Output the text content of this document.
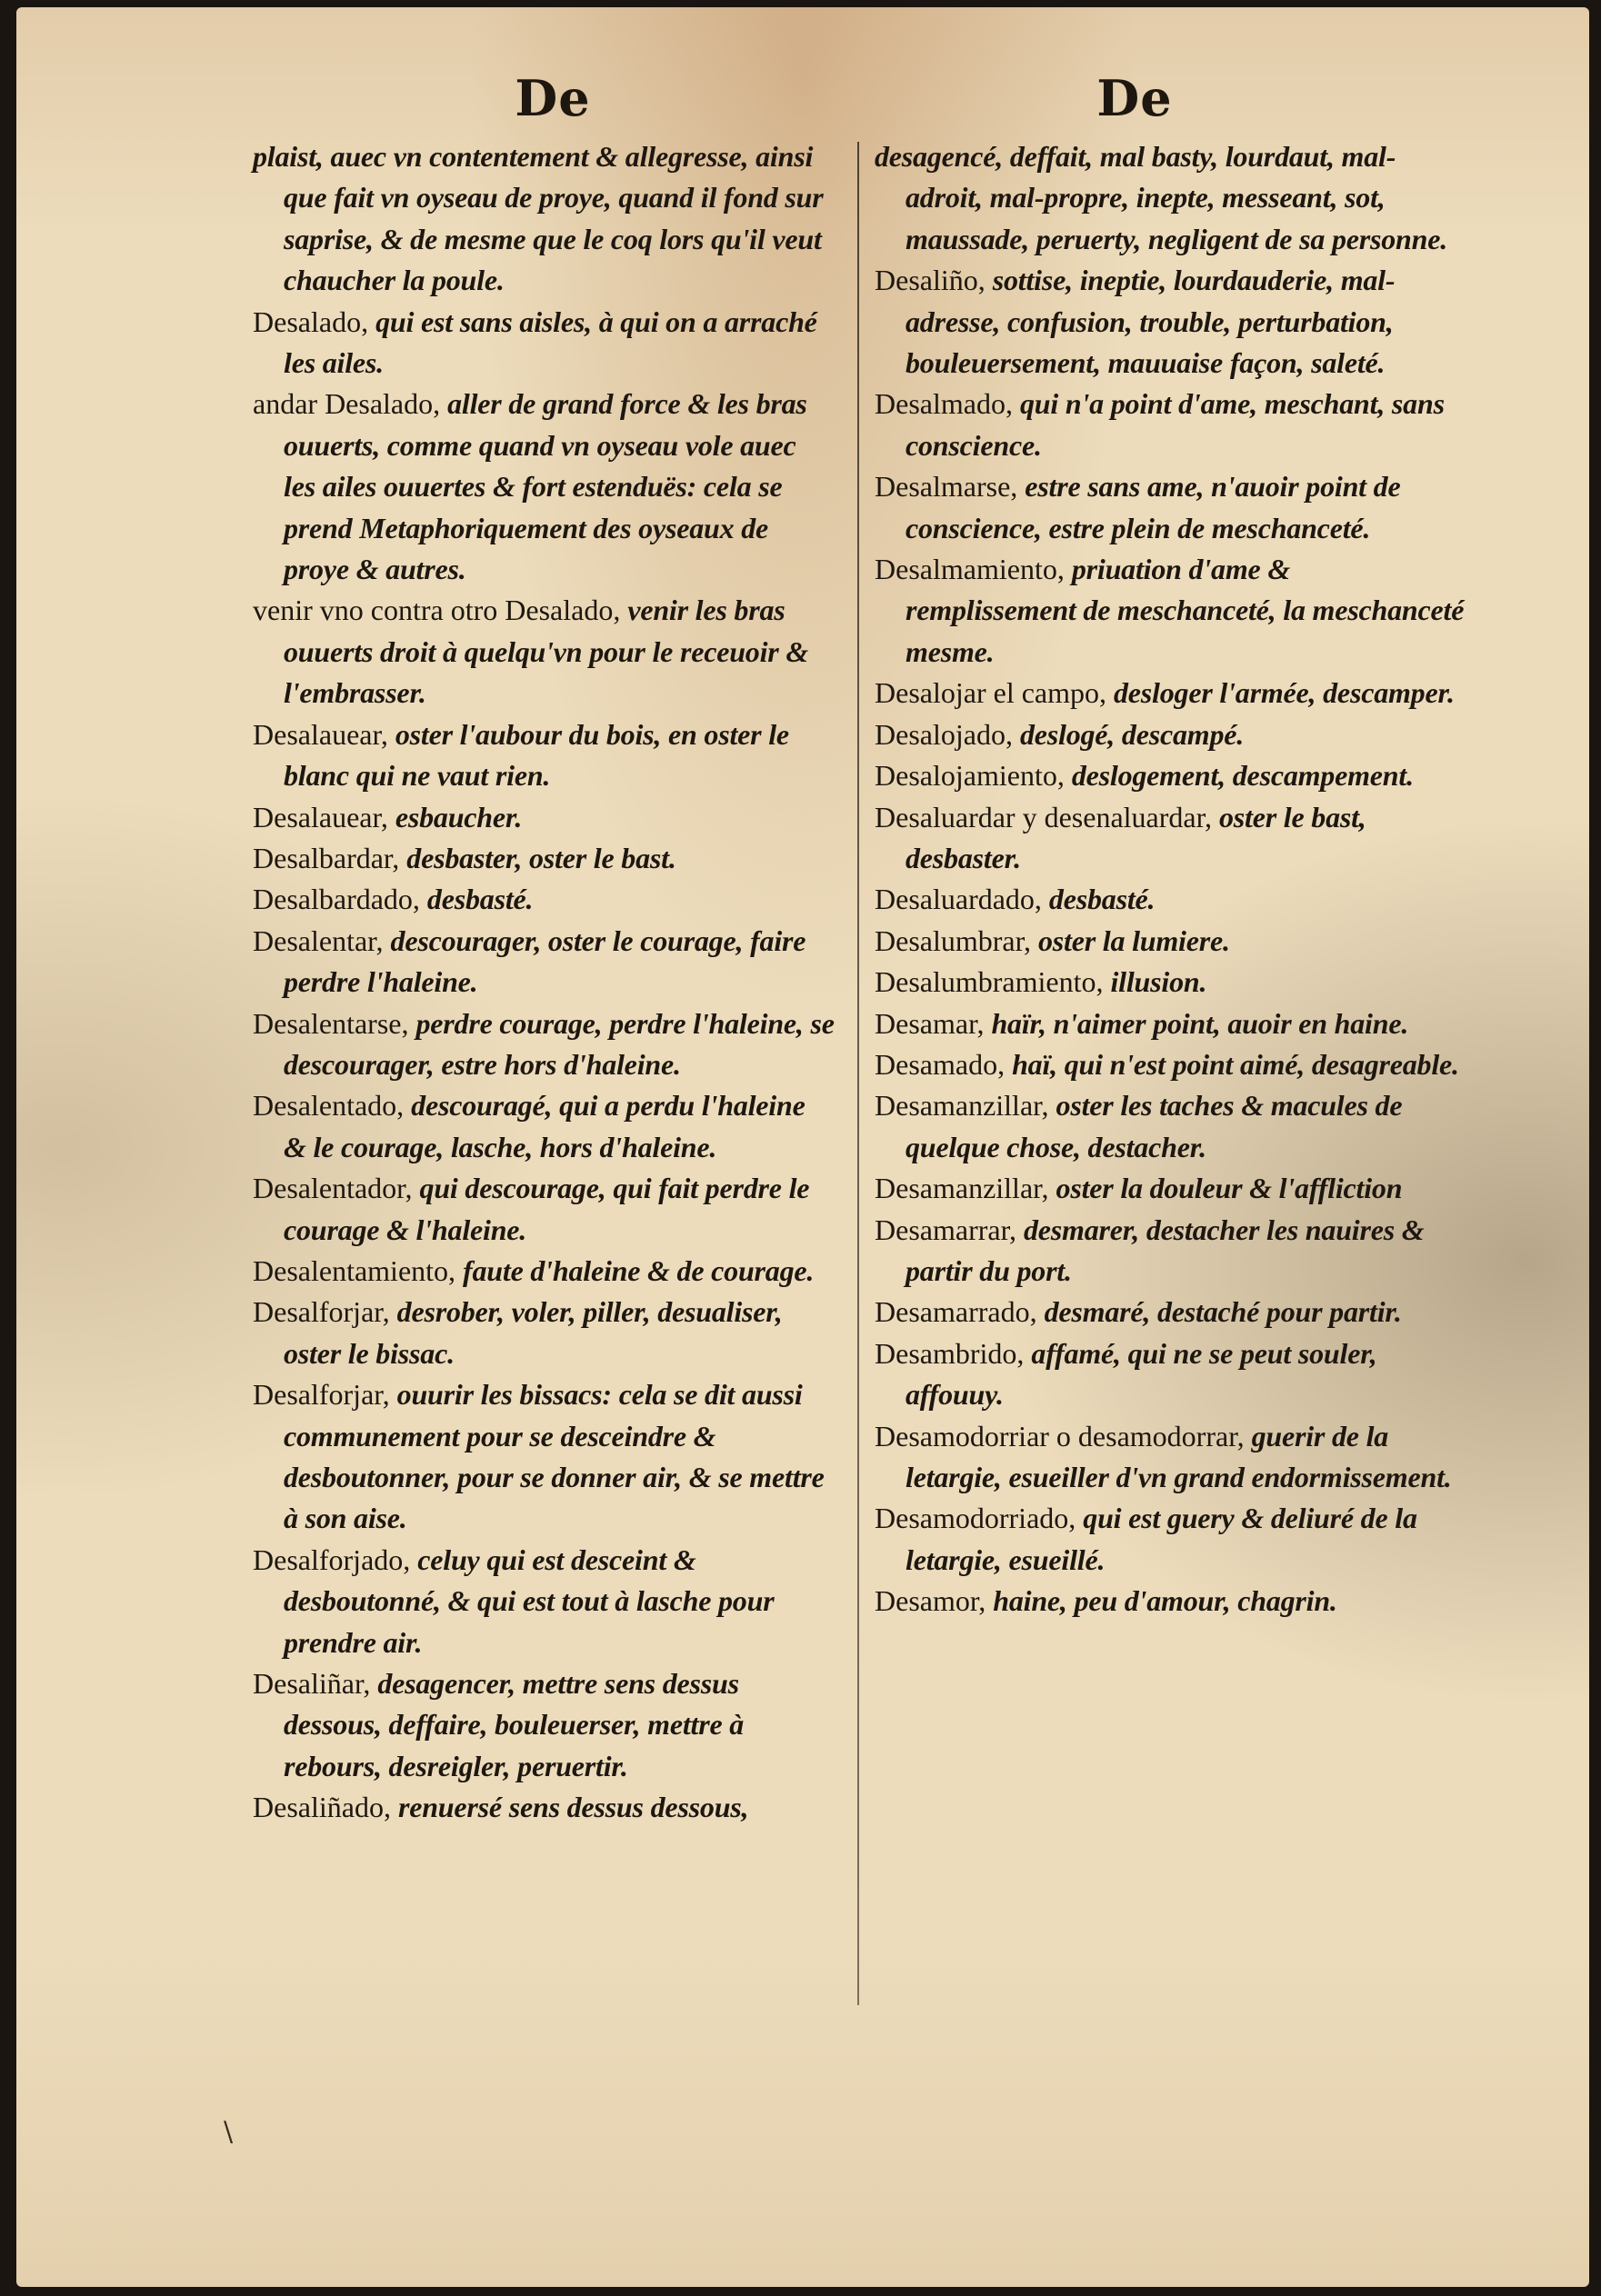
De	De

plaist, auec vn contentement & allegresse, ainsi que fait vn oyseau de proye, quand il fond sur saprise, & de mesme que le coq lors qu'il veut chaucher la poule.

Desalado, qui est sans aisles, à qui on a arraché les ailes.

andar Desalado, aller de grand force & les bras ouuerts, comme quand vn oyseau vole auec les ailes ouuertes & fort estenduës: cela se prend Metaphoriquement des oyseaux de proye & autres.

venir vno contra otro Desalado, venir les bras ouuerts droit à quelqu'vn pour le receuoir & l'embrasser.

Desalauear, oster l'aubour du bois, en oster le blanc qui ne vaut rien.

Desalauear, esbaucher.

Desalbardar, desbaster, oster le bast.

Desalbardado, desbasté.

Desalentar, descourager, oster le courage, faire perdre l'haleine.

Desalentarse, perdre courage, perdre l'haleine, se descourager, estre hors d'haleine.

Desalentado, descouragé, qui a perdu l'haleine & le courage, lasche, hors d'haleine.

Desalentador, qui descourage, qui fait perdre le courage & l'haleine.

Desalentamiento, faute d'haleine & de courage.

Desalforjar, desrober, voler, piller, desualiser, oster le bissac.

Desalforjar, ouurir les bissacs: cela se dit aussi communement pour se desceindre & desboutonner, pour se donner air, & se mettre à son aise.

Desalforjado, celuy qui est desceint & desboutonné, & qui est tout à lasche pour prendre air.

Desaliñar, desagencer, mettre sens dessus dessous, deffaire, bouleuerser, mettre à rebours, desreigler, peruertir.

Desaliñado, renuersé sens dessus dessous,

desagencé, deffait, mal basty, lourdaut, mal-adroit, mal-propre, inepte, messeant, sot, maussade, peruerty, negligent de sa personne.

Desaliño, sottise, ineptie, lourdauderie, mal-adresse, confusion, trouble, perturbation, bouleuersement, mauuaise façon, saleté.

Desalmado, qui n'a point d'ame, meschant, sans conscience.

Desalmarse, estre sans ame, n'auoir point de conscience, estre plein de meschanceté.

Desalmamiento, priuation d'ame & remplissement de meschanceté, la meschanceté mesme.

Desalojar el campo, desloger l'armée, descamper.

Desalojado, deslogé, descampé.

Desalojamiento, deslogement, descampement.

Desaluardar y desenaluardar, oster le bast, desbaster.

Desaluardado, desbasté.

Desalumbrar, oster la lumiere.

Desalumbramiento, illusion.

Desamar, haïr, n'aimer point, auoir en haine.

Desamado, haï, qui n'est point aimé, desagreable.

Desamanzillar, oster les taches & macules de quelque chose, destacher.

Desamanzillar, oster la douleur & l'affliction

Desamarrar, desmarer, destacher les nauires & partir du port.

Desamarrado, desmaré, destaché pour partir.

Desambrido, affamé, qui ne se peut souler, affouuy.

Desamodorriar o desamodorrar, guerir de la letargie, esueiller d'vn grand endormissement.

Desamodorriado, qui est guery & deliuré de la letargie, esueillé.

Desamor, haine, peu d'amour, chagrin.

\
